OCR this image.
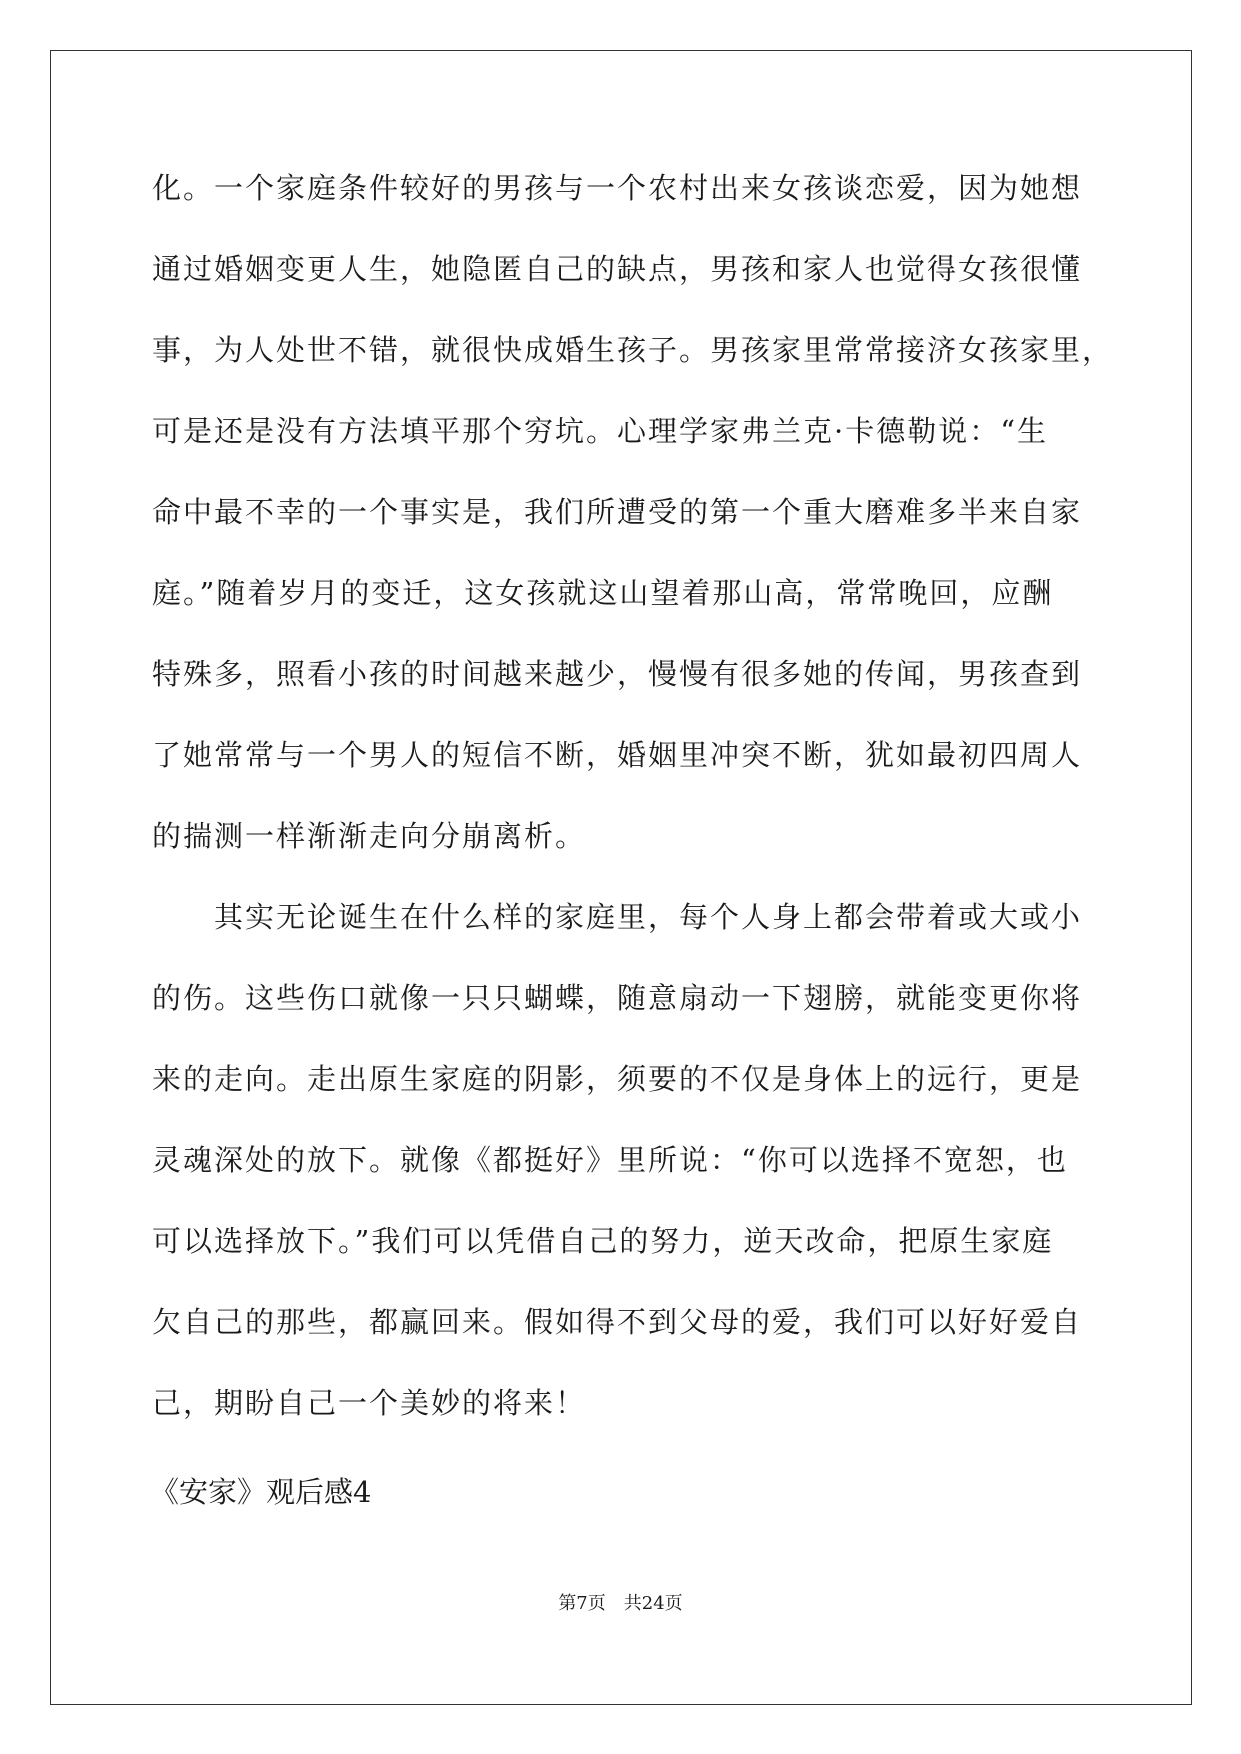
化。一个家庭条件较好的男孩与一个农村出来女孩谈恋爱，因为她想
通过婚姻变更人生，她隐匿自己的缺点，男孩和家人也觉得女孩很懂
事，为人处世不错，就很快成婚生孩子。男孩家里常常接济女孩家里，
可是还是没有方法填平那个穷坑。心理学家弗兰克·卡德勒说：“生
命中最不幸的一个事实是，我们所遭受的第一个重大磨难多半来自家
庭。”随着岁月的变迁，这女孩就这山望着那山高，常常晚回，应酬
特殊多，照看小孩的时间越来越少，慢慢有很多她的传闻，男孩查到
了她常常与一个男人的短信不断，婚姻里冲突不断，犹如最初四周人
的揣测一样渐渐走向分崩离析。
其实无论诞生在什么样的家庭里，每个人身上都会带着或大或小
的伤。这些伤口就像一只只蝴蝶，随意扇动一下翅膀，就能变更你将
来的走向。走出原生家庭的阴影，须要的不仅是身体上的远行，更是
灵魂深处的放下。就像《都挺好》里所说：“你可以选择不宽恕，也
可以选择放下。”我们可以凭借自己的努力，逆天改命，把原生家庭
欠自己的那些，都赢回来。假如得不到父母的爱，我们可以好好爱自
己，期盼自己一个美妙的将来！
《安家》观后感4
第7页　共24页
